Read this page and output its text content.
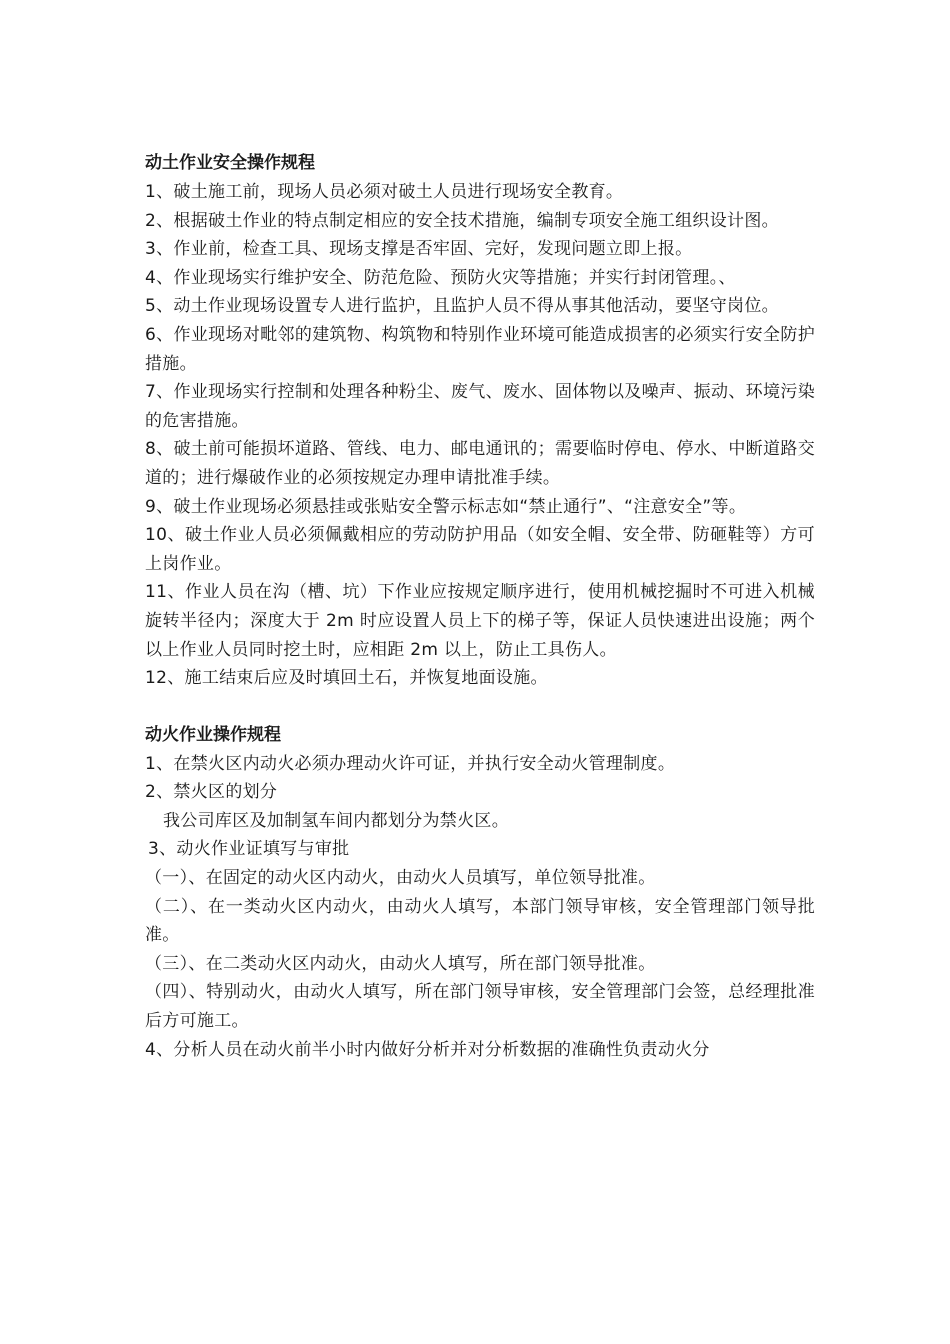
动土作业安全操作规程
1、破土施工前，现场人员必须对破土人员进行现场安全教育。
2、根据破土作业的特点制定相应的安全技术措施，编制专项安全施工组织设计图。
3、作业前，检查工具、现场支撑是否牢固、完好，发现问题立即上报。
4、作业现场实行维护安全、防范危险、预防火灾等措施；并实行封闭管理。、
5、动土作业现场设置专人进行监护，且监护人员不得从事其他活动，要坚守岗位。
6、作业现场对毗邻的建筑物、构筑物和特别作业环境可能造成损害的必须实行安全防护措施。
7、作业现场实行控制和处理各种粉尘、废气、废水、固体物以及噪声、振动、环境污染的危害措施。
8、破土前可能损坏道路、管线、电力、邮电通讯的；需要临时停电、停水、中断道路交道的；进行爆破作业的必须按规定办理申请批准手续。
9、破土作业现场必须悬挂或张贴安全警示标志如“禁止通行”、“注意安全”等。
10、破土作业人员必须佩戴相应的劳动防护用品（如安全帽、安全带、防砸鞋等）方可上岗作业。
11、作业人员在沟（槽、坑）下作业应按规定顺序进行，使用机械挖掘时不可进入机械旋转半径内；深度大于 2m 时应设置人员上下的梯子等，保证人员快速进出设施；两个以上作业人员同时挖土时，应相距 2m 以上，防止工具伤人。
12、施工结束后应及时填回土石，并恢复地面设施。
动火作业操作规程
1、在禁火区内动火必须办理动火许可证，并执行安全动火管理制度。
2、禁火区的划分
我公司库区及加制氢车间内都划分为禁火区。
3、动火作业证填写与审批
（一）、在固定的动火区内动火，由动火人员填写，单位领导批准。
（二）、在一类动火区内动火，由动火人填写，本部门领导审核，安全管理部门领导批准。
（三）、在二类动火区内动火，由动火人填写，所在部门领导批准。
（四）、特别动火，由动火人填写，所在部门领导审核，安全管理部门会签，总经理批准后方可施工。
4、分析人员在动火前半小时内做好分析并对分析数据的准确性负责动火分
